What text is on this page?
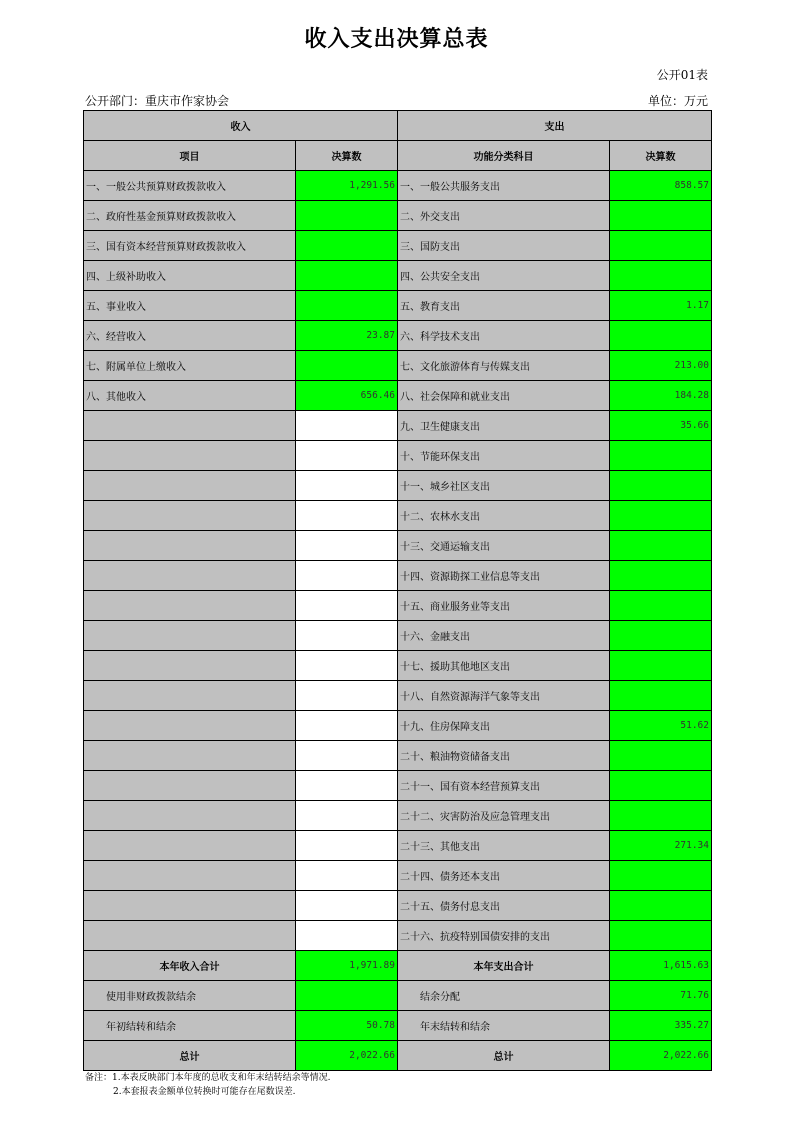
收入支出决算总表
公开01表
公开部门：重庆市作家协会	单位：万元
收入		支出	
项目	决算数	功能分类科目	决算数
一、一般公共预算财政拨款收入	1,291.56	一、一般公共服务支出	858.57
二、政府性基金预算财政拨款收入		二、外交支出	
三、国有资本经营预算财政拨款收入		三、国防支出	
四、上级补助收入		四、公共安全支出	
五、事业收入		五、教育支出	1.17
六、经营收入	23.87	六、科学技术支出	
七、附属单位上缴收入		七、文化旅游体育与传媒支出	213.00
八、其他收入	656.46	八、社会保障和就业支出	184.28
		九、卫生健康支出	35.66
		十、节能环保支出	
		十一、城乡社区支出	
		十二、农林水支出	
		十三、交通运输支出	
		十四、资源勘探工业信息等支出	
		十五、商业服务业等支出	
		十六、金融支出	
		十七、援助其他地区支出	
		十八、自然资源海洋气象等支出	
		十九、住房保障支出	51.62
		二十、粮油物资储备支出	
		二十一、国有资本经营预算支出	
		二十二、灾害防治及应急管理支出	
		二十三、其他支出	271.34
		二十四、债务还本支出	
		二十五、债务付息支出	
		二十六、抗疫特别国债安排的支出	
本年收入合计	1,971.89	本年支出合计	1,615.63
使用非财政拨款结余		结余分配	71.76
年初结转和结余	50.78	年末结转和结余	335.27
总计	2,022.66	总计	2,022.66
备注：1.本表反映部门本年度的总收支和年末结转结余等情况.
2.本套报表金额单位转换时可能存在尾数误差.
